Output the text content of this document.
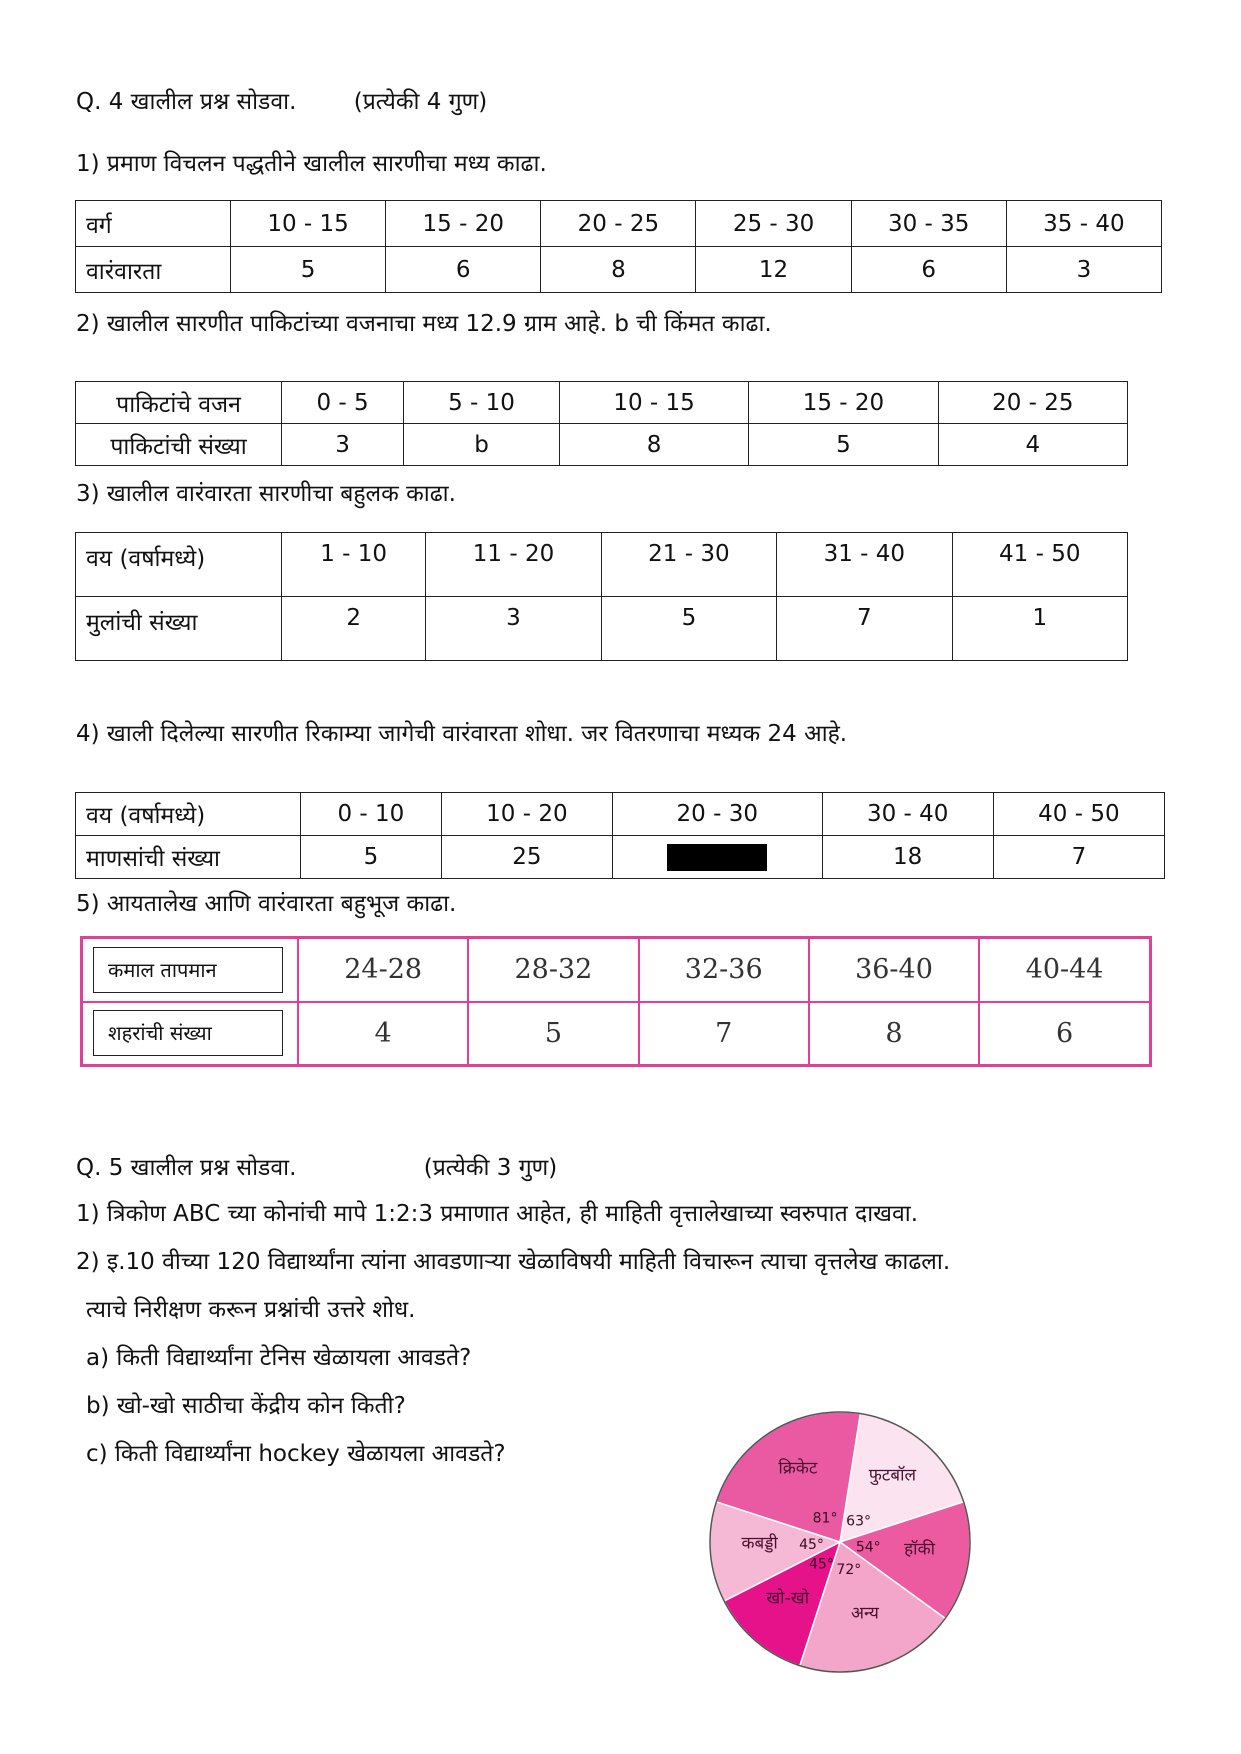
Q. 4 खालील प्रश्न सोडवा. (प्रत्येकी 4 गुण)
1) प्रमाण विचलन पद्धतीने खालील सारणीचा मध्य काढा.
वर्ग	10 - 15	15 - 20	20 - 25	25 - 30	30 - 35	35 - 40
वारंवारता	5	6	8	12	6	3
2) खालील सारणीत पाकिटांच्या वजनाचा मध्य 12.9 ग्राम आहे. b ची किंमत काढा.
पाकिटांचे वजन	0 - 5	5 - 10	10 - 15	15 - 20	20 - 25
पाकिटांची संख्या	3	b	8	5	4
3) खालील वारंवारता सारणीचा बहुलक काढा.
वय (वर्षामध्ये)	1 - 10	11 - 20	21 - 30	31 - 40	41 - 50
मुलांची संख्या	2	3	5	7	1
4) खाली दिलेल्या सारणीत रिकाम्या जागेची वारंवारता शोधा. जर वितरणाचा मध्यक 24 आहे.
वय (वर्षामध्ये)	0 - 10	10 - 20	20 - 30	30 - 40	40 - 50
माणसांची संख्या	5	25		18	7
5) आयतालेख आणि वारंवारता बहुभूज काढा.
कमाल तापमान	24-28	28-32	32-36	36-40	40-44

शहरांची संख्या	4	5	7	8	6
Q. 5 खालील प्रश्न सोडवा.	(प्रत्येकी 3 गुण)
1) त्रिकोण ABC च्या कोनांची मापे 1:2:3 प्रमाणात आहेत, ही माहिती वृत्तालेखाच्या स्वरुपात दाखवा.
2) इ.10 वीच्या 120 विद्यार्थ्यांना त्यांना आवडणाऱ्या खेळाविषयी माहिती विचारून त्याचा वृत्तलेख काढला.
त्याचे निरीक्षण करून प्रश्नांची उत्तरे शोध.
a) किती विद्यार्थ्यांना टेनिस खेळायला आवडते?
b) खो-खो साठीचा केंद्रीय कोन किती?
c) किती विद्यार्थ्यांना hockey खेळायला आवडते?
फुटबॉल
63°
हॉकी
54°
अन्य
72°
खो-खो
45°
कबड्डी 45°
क्रिकेट
81°
